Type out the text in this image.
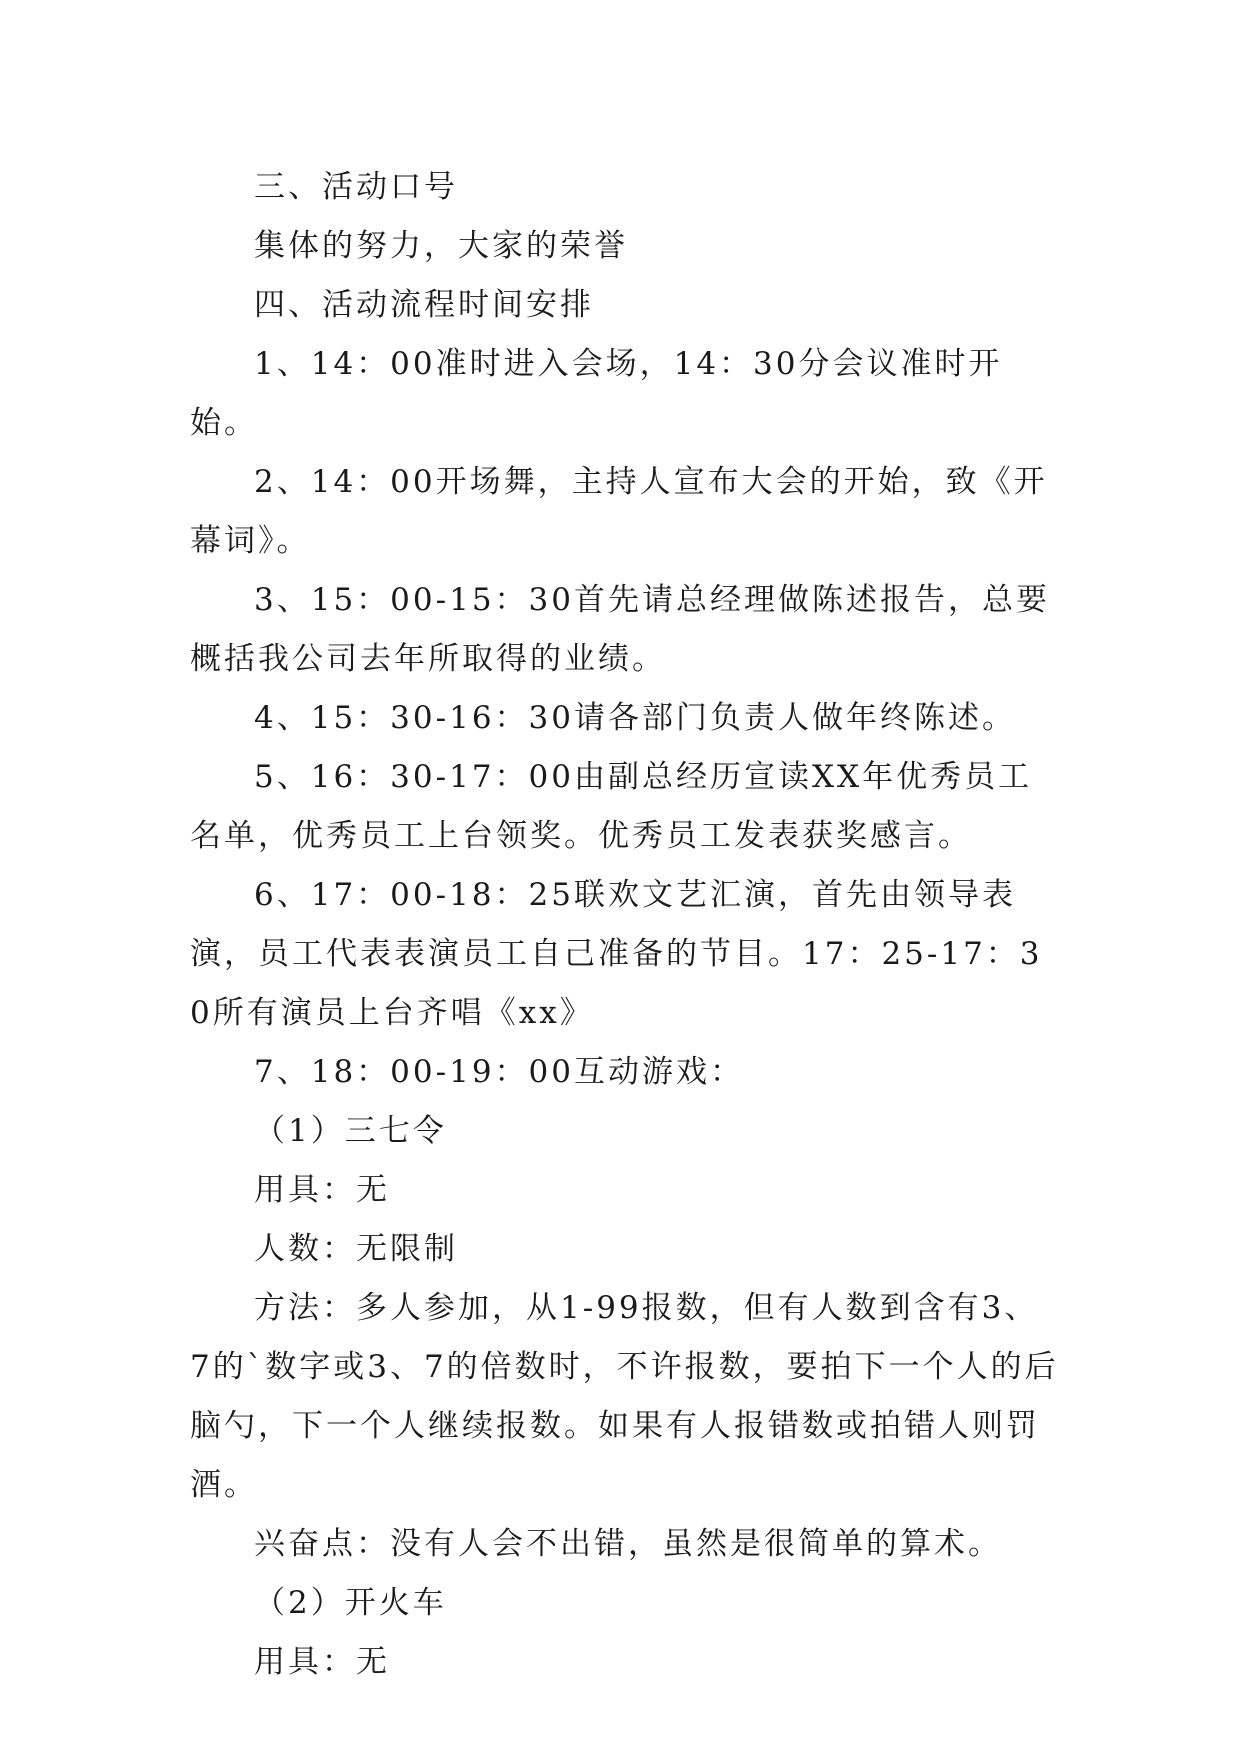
三、活动口号

集体的努力，大家的荣誉

四、活动流程时间安排

1、14：00准时进入会场，14：30分会议准时开始。

2、14：00开场舞，主持人宣布大会的开始，致《开幕词》。

3、15：00-15：30首先请总经理做陈述报告，总要概括我公司去年所取得的业绩。

4、15：30-16：30请各部门负责人做年终陈述。

5、16：30-17：00由副总经历宣读XX年优秀员工名单，优秀员工上台领奖。优秀员工发表获奖感言。

6、17：00-18：25联欢文艺汇演，首先由领导表演，员工代表表演员工自己准备的节目。17：25-17：30所有演员上台齐唱《xx》

7、18：00-19：00互动游戏：

（1）三七令

用具：无

人数：无限制

方法：多人参加，从1-99报数，但有人数到含有3、7的`数字或3、7的倍数时，不许报数，要拍下一个人的后脑勺，下一个人继续报数。如果有人报错数或拍错人则罚酒。

兴奋点：没有人会不出错，虽然是很简单的算术。

（2）开火车

用具：无
